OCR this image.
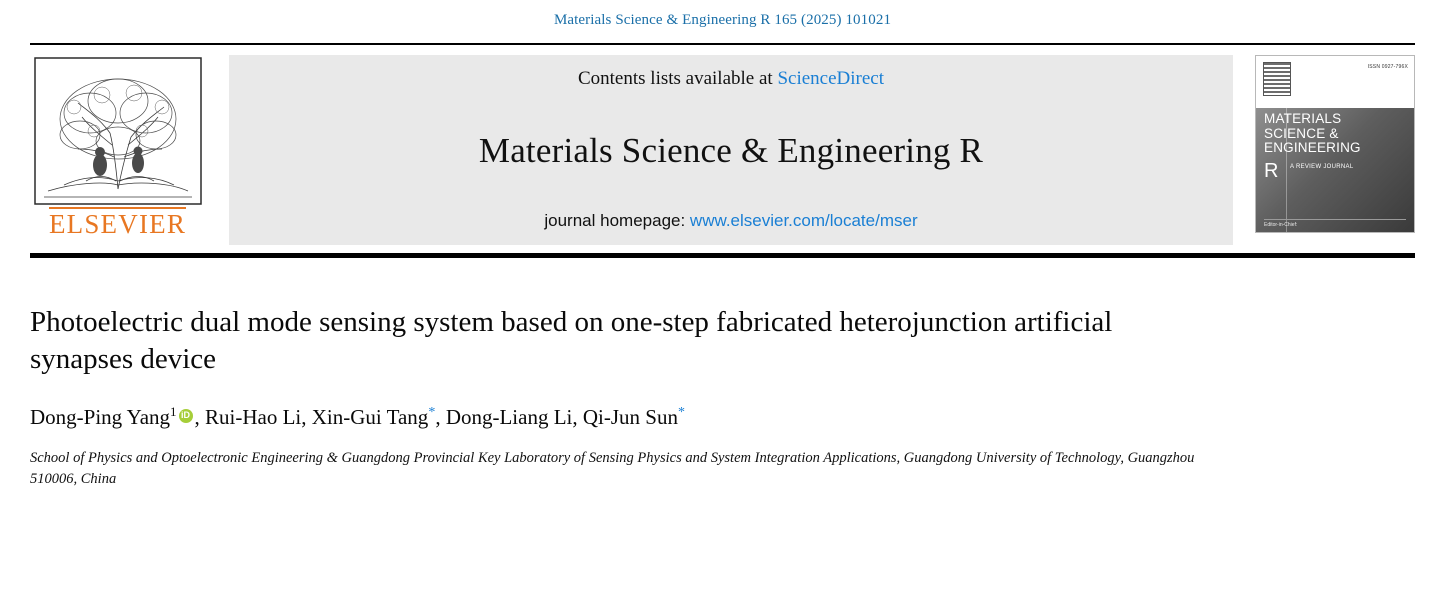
Materials Science & Engineering R 165 (2025) 101021
ELSEVIER
Contents lists available at ScienceDirect
Materials Science & Engineering R
journal homepage: www.elsevier.com/locate/mser
ISSN 0927-796X
MATERIALS
SCIENCE &
ENGINEERING
R A REVIEW JOURNAL
Editor-in-Chief:
Photoelectric dual mode sensing system based on one-step fabricated heterojunction artificial synapses device
Dong-Ping Yang$^1$ iD , Rui-Hao Li, Xin-Gui Tang*, Dong-Liang Li, Qi-Jun Sun*
School of Physics and Optoelectronic Engineering & Guangdong Provincial Key Laboratory of Sensing Physics and System Integration Applications, Guangdong University of Technology, Guangzhou 510006, China
